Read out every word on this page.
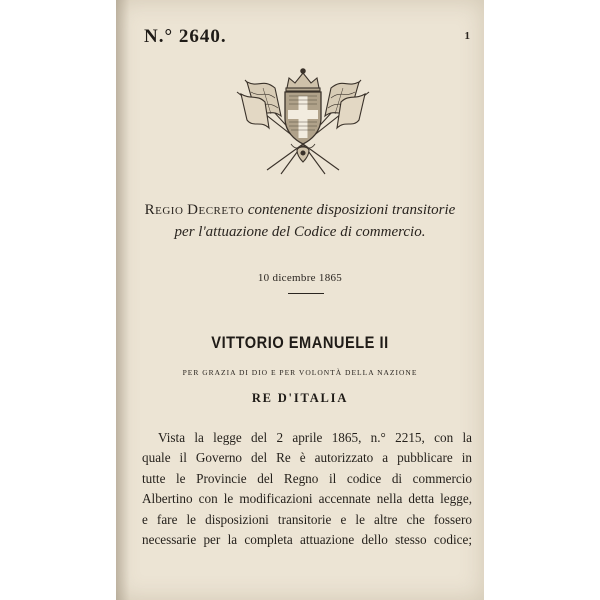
N.° 2640.	1
Regio Decreto contenente disposizioni transitorie
per l'attuazione del Codice di commercio.
10 dicembre 1865
VITTORIO EMANUELE II
PER GRAZIA DI DIO E PER VOLONTÀ DELLA NAZIONE
RE D'ITALIA
Vista la legge del 2 aprile 1865, n.° 2215, con la
quale il Governo del Re è autorizzato a pubblicare in
tutte le Provincie del Regno il codice di commercio
Albertino con le modificazioni accennate nella detta legge,
e fare le disposizioni transitorie e le altre che fossero
necessarie per la completa attuazione dello stesso codice;
